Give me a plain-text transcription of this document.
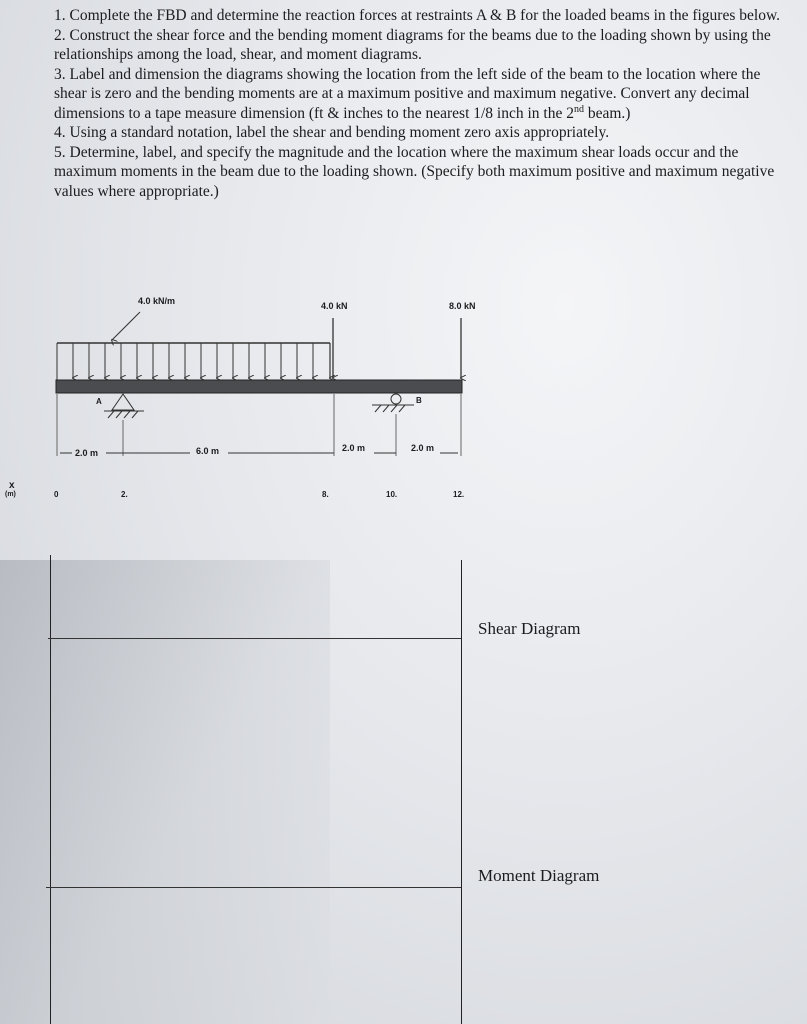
1. Complete the FBD and determine the reaction forces at restraints A & B for the loaded beams in the figures below.

2. Construct the shear force and the bending moment diagrams for the beams due to the loading shown by using the relationships among the load, shear, and moment diagrams.

3. Label and dimension the diagrams showing the location from the left side of the beam to the location where the shear is zero and the bending moments are at a maximum positive and maximum negative. Convert any decimal dimensions to a tape measure dimension (ft & inches to the nearest 1/8 inch in the 2nd beam.)

4. Using a standard notation, label the shear and bending moment zero axis appropriately.

5. Determine, label, and specify the magnitude and the location where the maximum shear loads occur and the maximum moments in the beam due to the loading shown. (Specify both maximum positive and maximum negative values where appropriate.)

4.0 kN/m	4.0 kN	8.0 kN
A	B
2.0 m	6.0 m	2.0 m	2.0 m
x
(m)	0	2.	8.	10.	12.
Shear Diagram
Moment Diagram
